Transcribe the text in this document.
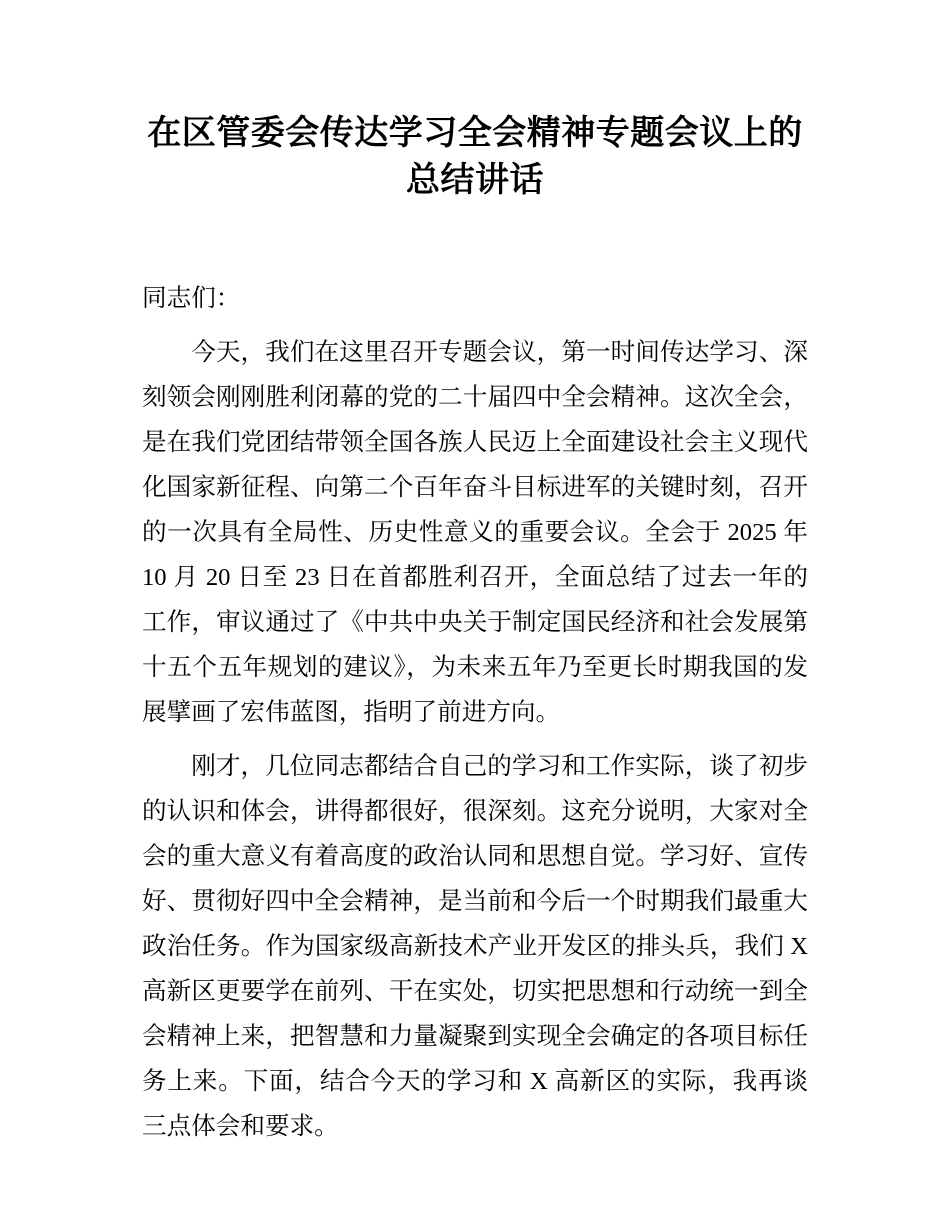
在区管委会传达学习全会精神专题会议上的
总结讲话

同志们：

今天，我们在这里召开专题会议，第一时间传达学习、深刻领会刚刚胜利闭幕的党的二十届四中全会精神。这次全会，是在我们党团结带领全国各族人民迈上全面建设社会主义现代化国家新征程、向第二个百年奋斗目标进军的关键时刻，召开的一次具有全局性、历史性意义的重要会议。全会于 2025 年 10 月 20 日至 23 日在首都胜利召开，全面总结了过去一年的工作，审议通过了《中共中央关于制定国民经济和社会发展第十五个五年规划的建议》，为未来五年乃至更长时期我国的发展擘画了宏伟蓝图，指明了前进方向。

刚才，几位同志都结合自己的学习和工作实际，谈了初步的认识和体会，讲得都很好，很深刻。这充分说明，大家对全会的重大意义有着高度的政治认同和思想自觉。学习好、宣传好、贯彻好四中全会精神，是当前和今后一个时期我们最重大政治任务。作为国家级高新技术产业开发区的排头兵，我们 X 高新区更要学在前列、干在实处，切实把思想和行动统一到全会精神上来，把智慧和力量凝聚到实现全会确定的各项目标任务上来。下面，结合今天的学习和 X 高新区的实际，我再谈三点体会和要求。
